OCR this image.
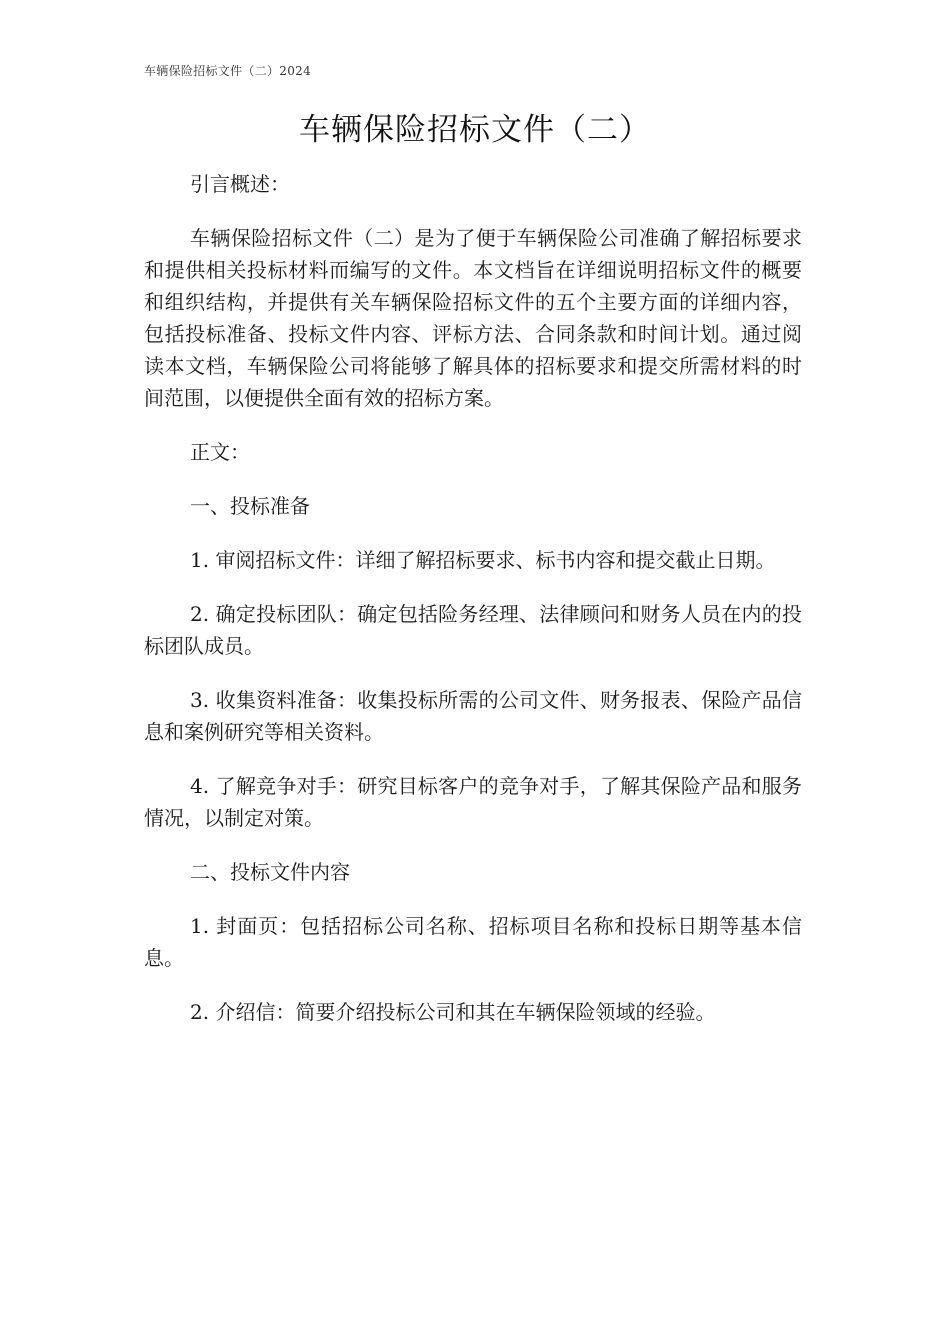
车辆保险招标文件（二）2024
车辆保险招标文件（二）

引言概述：

车辆保险招标文件（二）是为了便于车辆保险公司准确了解招标要求和提供相关投标材料而编写的文件。本文档旨在详细说明招标文件的概要和组织结构，并提供有关车辆保险招标文件的五个主要方面的详细内容，包括投标准备、投标文件内容、评标方法、合同条款和时间计划。通过阅读本文档，车辆保险公司将能够了解具体的招标要求和提交所需材料的时间范围，以便提供全面有效的招标方案。

正文：

一、投标准备

1. 审阅招标文件：详细了解招标要求、标书内容和提交截止日期。

2. 确定投标团队：确定包括险务经理、法律顾问和财务人员在内的投标团队成员。

3. 收集资料准备：收集投标所需的公司文件、财务报表、保险产品信息和案例研究等相关资料。

4. 了解竞争对手：研究目标客户的竞争对手，了解其保险产品和服务情况，以制定对策。

二、投标文件内容

1. 封面页：包括招标公司名称、招标项目名称和投标日期等基本信息。

2. 介绍信：简要介绍投标公司和其在车辆保险领域的经验。
